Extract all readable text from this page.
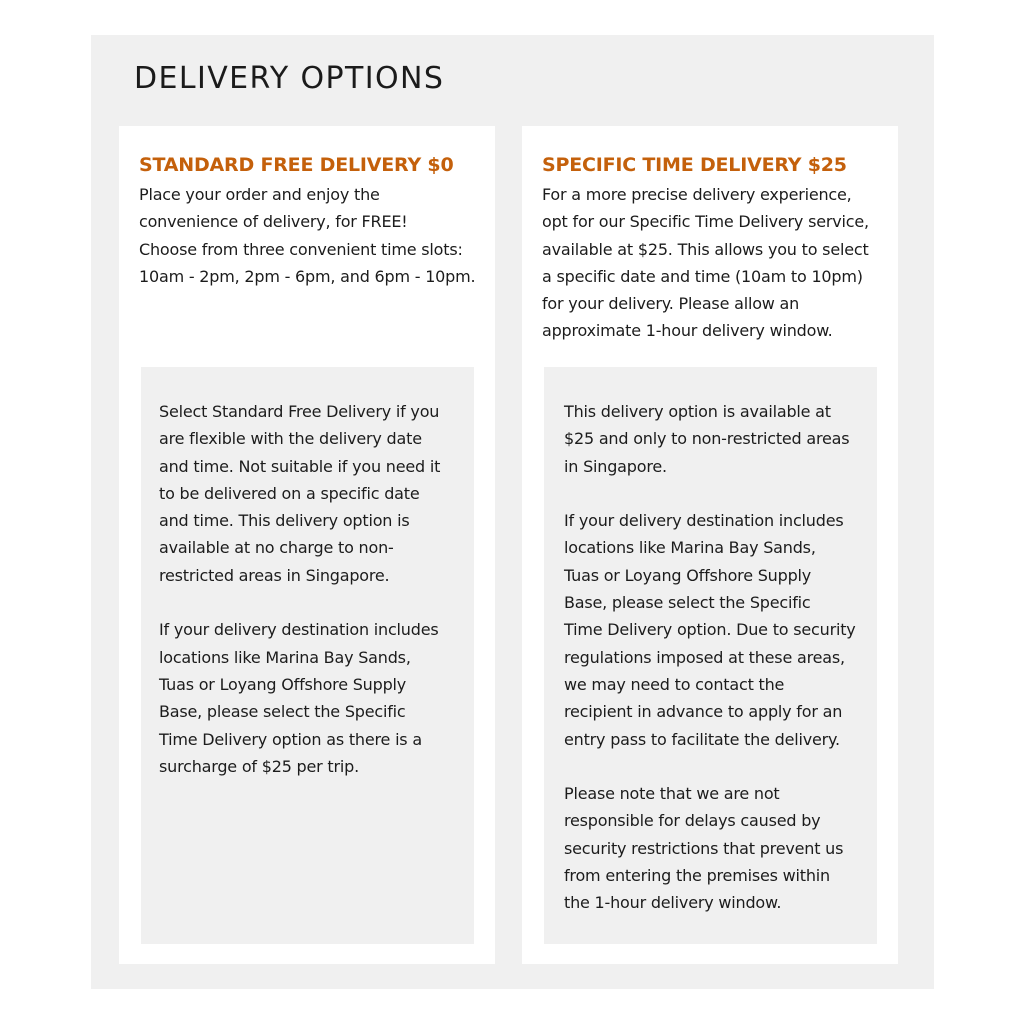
DELIVERY OPTIONS
STANDARD FREE DELIVERY $0
Place your order and enjoy the
convenience of delivery, for FREE!
Choose from three convenient time slots:
10am - 2pm, 2pm - 6pm, and 6pm - 10pm.
Select Standard Free Delivery if you
are flexible with the delivery date
and time. Not suitable if you need it
to be delivered on a specific date
and time. This delivery option is
available at no charge to non-
restricted areas in Singapore.
If your delivery destination includes
locations like Marina Bay Sands,
Tuas or Loyang Offshore Supply
Base, please select the Specific
Time Delivery option as there is a
surcharge of $25 per trip.
SPECIFIC TIME DELIVERY $25
For a more precise delivery experience,
opt for our Specific Time Delivery service,
available at $25. This allows you to select
a specific date and time (10am to 10pm)
for your delivery. Please allow an
approximate 1-hour delivery window.
This delivery option is available at
$25 and only to non-restricted areas
in Singapore.
If your delivery destination includes
locations like Marina Bay Sands,
Tuas or Loyang Offshore Supply
Base, please select the Specific
Time Delivery option. Due to security
regulations imposed at these areas,
we may need to contact the
recipient in advance to apply for an
entry pass to facilitate the delivery.
Please note that we are not
responsible for delays caused by
security restrictions that prevent us
from entering the premises within
the 1-hour delivery window.
